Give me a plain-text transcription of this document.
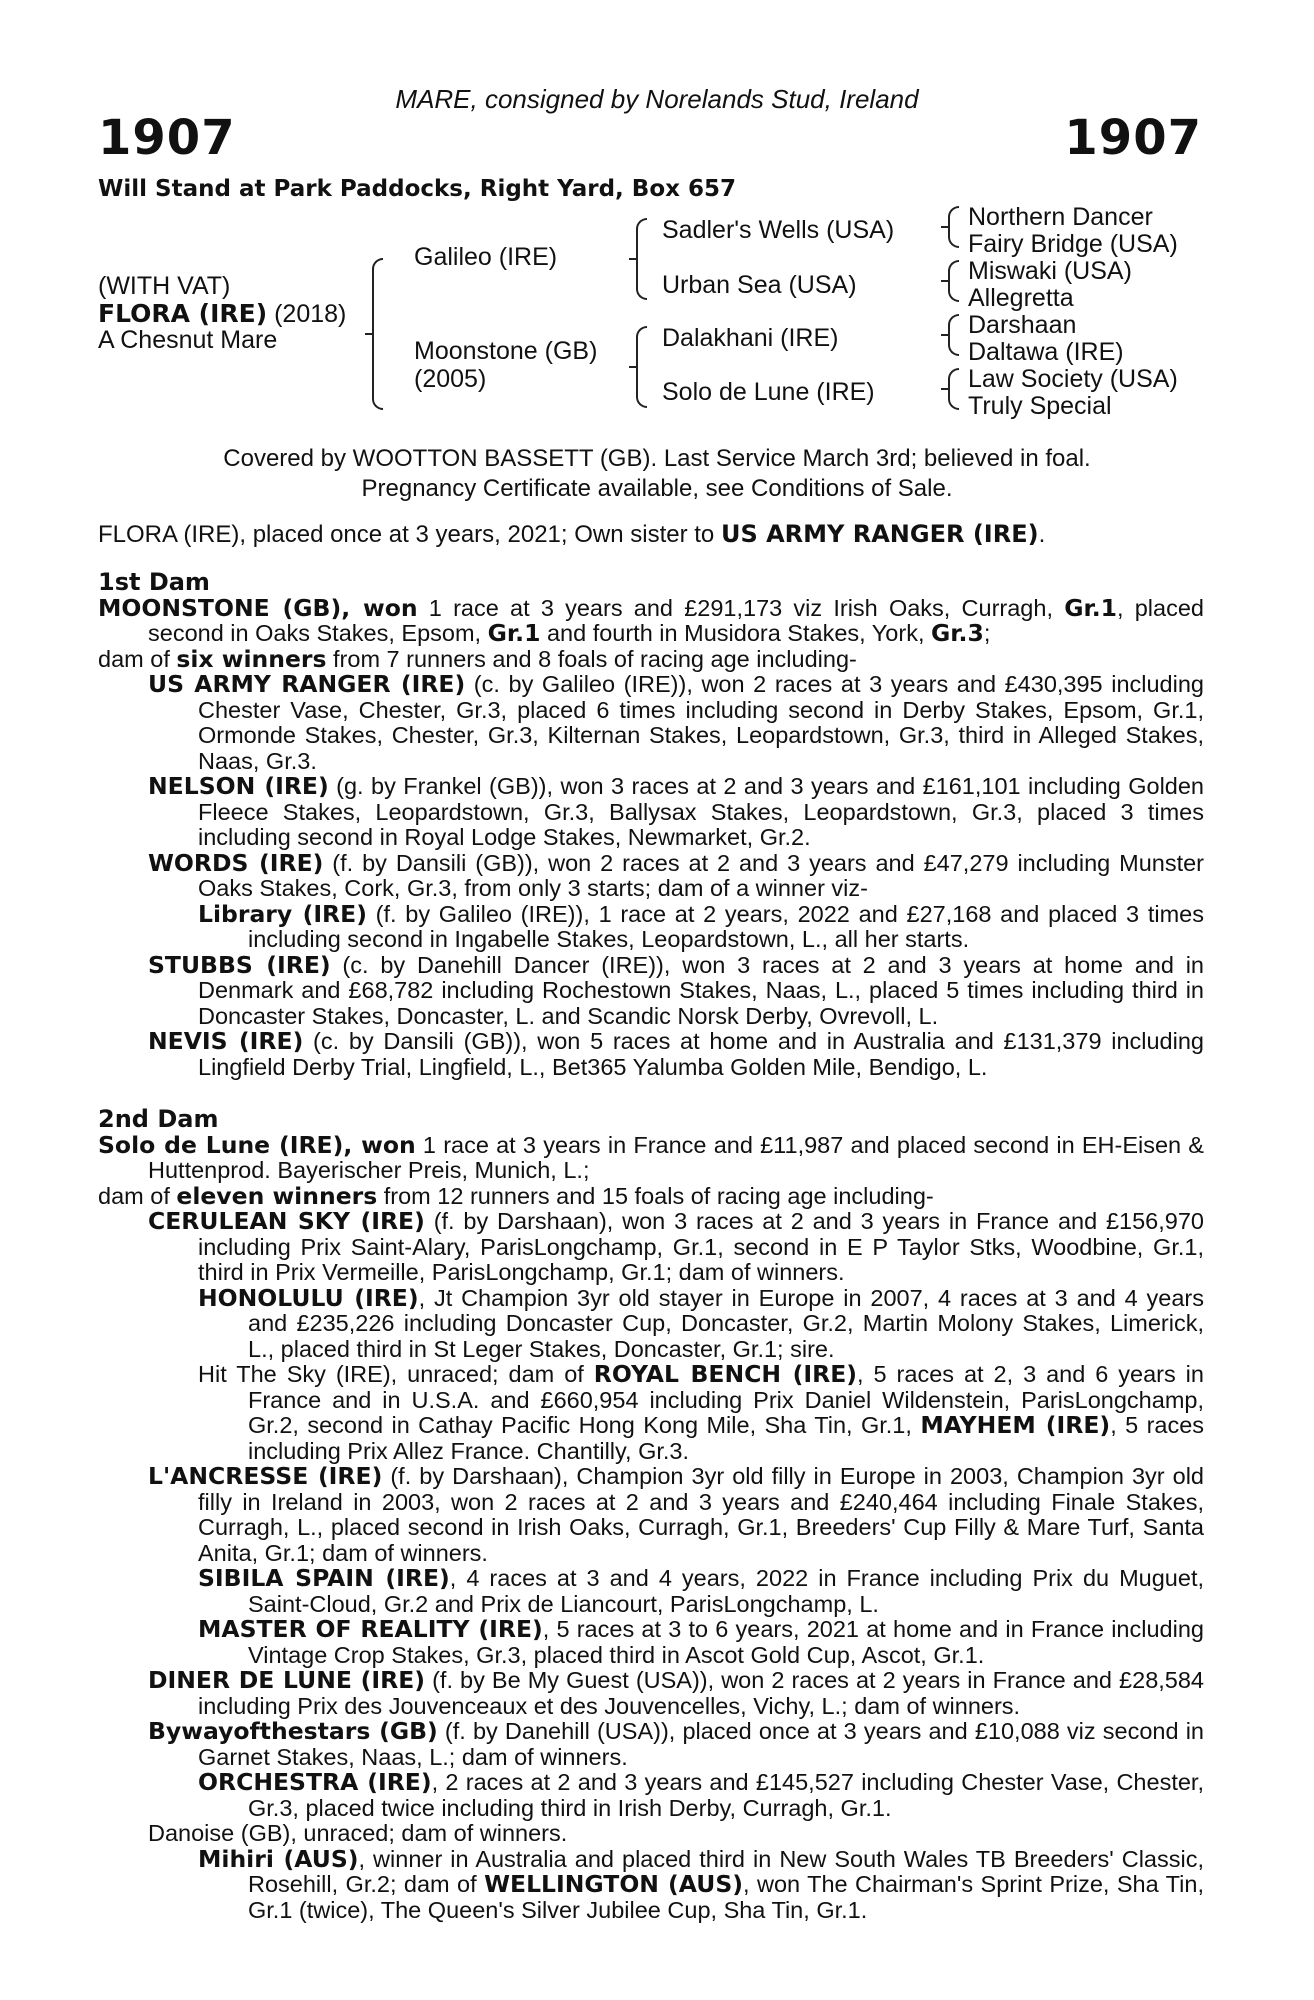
MARE, consigned by Norelands Stud, Ireland
1907	1907
Will Stand at Park Paddocks, Right Yard, Box 657
(WITH VAT)
FLORA (IRE) (2018)
A Chesnut Mare
Galileo (IRE)
Moonstone (GB)
(2005)
Sadler's Wells (USA)
Urban Sea (USA)
Dalakhani (IRE)
Solo de Lune (IRE)
Northern Dancer
Fairy Bridge (USA)
Miswaki (USA)
Allegretta
Darshaan
Daltawa (IRE)
Law Society (USA)
Truly Special
Covered by WOOTTON BASSETT (GB). Last Service March 3rd; believed in foal.
Pregnancy Certificate available, see Conditions of Sale.
FLORA (IRE), placed once at 3 years, 2021; Own sister to US ARMY RANGER (IRE).
1st Dam

MOONSTONE (GB), won 1 race at 3 years and £291,173 viz Irish Oaks, Curragh, Gr.1, placed second in Oaks Stakes, Epsom, Gr.1 and fourth in Musidora Stakes, York, Gr.3;

dam of six winners from 7 runners and 8 foals of racing age including-

US ARMY RANGER (IRE) (c. by Galileo (IRE)), won 2 races at 3 years and £430,395 including Chester Vase, Chester, Gr.3, placed 6 times including second in Derby Stakes, Epsom, Gr.1, Ormonde Stakes, Chester, Gr.3, Kilternan Stakes, Leopardstown, Gr.3, third in Alleged Stakes, Naas, Gr.3.

NELSON (IRE) (g. by Frankel (GB)), won 3 races at 2 and 3 years and £161,101 including Golden Fleece Stakes, Leopardstown, Gr.3, Ballysax Stakes, Leopardstown, Gr.3, placed 3 times including second in Royal Lodge Stakes, Newmarket, Gr.2.

WORDS (IRE) (f. by Dansili (GB)), won 2 races at 2 and 3 years and £47,279 including Munster Oaks Stakes, Cork, Gr.3, from only 3 starts; dam of a winner viz-

Library (IRE) (f. by Galileo (IRE)), 1 race at 2 years, 2022 and £27,168 and placed 3 times including second in Ingabelle Stakes, Leopardstown, L., all her starts.

STUBBS (IRE) (c. by Danehill Dancer (IRE)), won 3 races at 2 and 3 years at home and in Denmark and £68,782 including Rochestown Stakes, Naas, L., placed 5 times including third in Doncaster Stakes, Doncaster, L. and Scandic Norsk Derby, Ovrevoll, L.

NEVIS (IRE) (c. by Dansili (GB)), won 5 races at home and in Australia and £131,379 including Lingfield Derby Trial, Lingfield, L., Bet365 Yalumba Golden Mile, Bendigo, L.

2nd Dam

Solo de Lune (IRE), won 1 race at 3 years in France and £11,987 and placed second in EH-Eisen & Huttenprod. Bayerischer Preis, Munich, L.;

dam of eleven winners from 12 runners and 15 foals of racing age including-

CERULEAN SKY (IRE) (f. by Darshaan), won 3 races at 2 and 3 years in France and £156,970 including Prix Saint-Alary, ParisLongchamp, Gr.1, second in E P Taylor Stks, Woodbine, Gr.1, third in Prix Vermeille, ParisLongchamp, Gr.1; dam of winners.

HONOLULU (IRE), Jt Champion 3yr old stayer in Europe in 2007, 4 races at 3 and 4 years and £235,226 including Doncaster Cup, Doncaster, Gr.2, Martin Molony Stakes, Limerick, L., placed third in St Leger Stakes, Doncaster, Gr.1; sire.

Hit The Sky (IRE), unraced; dam of ROYAL BENCH (IRE), 5 races at 2, 3 and 6 years in France and in U.S.A. and £660,954 including Prix Daniel Wildenstein, ParisLongchamp, Gr.2, second in Cathay Pacific Hong Kong Mile, Sha Tin, Gr.1, MAYHEM (IRE), 5 races including Prix Allez France. Chantilly, Gr.3.

L'ANCRESSE (IRE) (f. by Darshaan), Champion 3yr old filly in Europe in 2003, Champion 3yr old filly in Ireland in 2003, won 2 races at 2 and 3 years and £240,464 including Finale Stakes, Curragh, L., placed second in Irish Oaks, Curragh, Gr.1, Breeders' Cup Filly & Mare Turf, Santa Anita, Gr.1; dam of winners.

SIBILA SPAIN (IRE), 4 races at 3 and 4 years, 2022 in France including Prix du Muguet, Saint-Cloud, Gr.2 and Prix de Liancourt, ParisLongchamp, L.

MASTER OF REALITY (IRE), 5 races at 3 to 6 years, 2021 at home and in France including Vintage Crop Stakes, Gr.3, placed third in Ascot Gold Cup, Ascot, Gr.1.

DINER DE LUNE (IRE) (f. by Be My Guest (USA)), won 2 races at 2 years in France and £28,584 including Prix des Jouvenceaux et des Jouvencelles, Vichy, L.; dam of winners.

Bywayofthestars (GB) (f. by Danehill (USA)), placed once at 3 years and £10,088 viz second in Garnet Stakes, Naas, L.; dam of winners.

ORCHESTRA (IRE), 2 races at 2 and 3 years and £145,527 including Chester Vase, Chester, Gr.3, placed twice including third in Irish Derby, Curragh, Gr.1.

Danoise (GB), unraced; dam of winners.

Mihiri (AUS), winner in Australia and placed third in New South Wales TB Breeders' Classic, Rosehill, Gr.2; dam of WELLINGTON (AUS), won The Chairman's Sprint Prize, Sha Tin, Gr.1 (twice), The Queen's Silver Jubilee Cup, Sha Tin, Gr.1.
